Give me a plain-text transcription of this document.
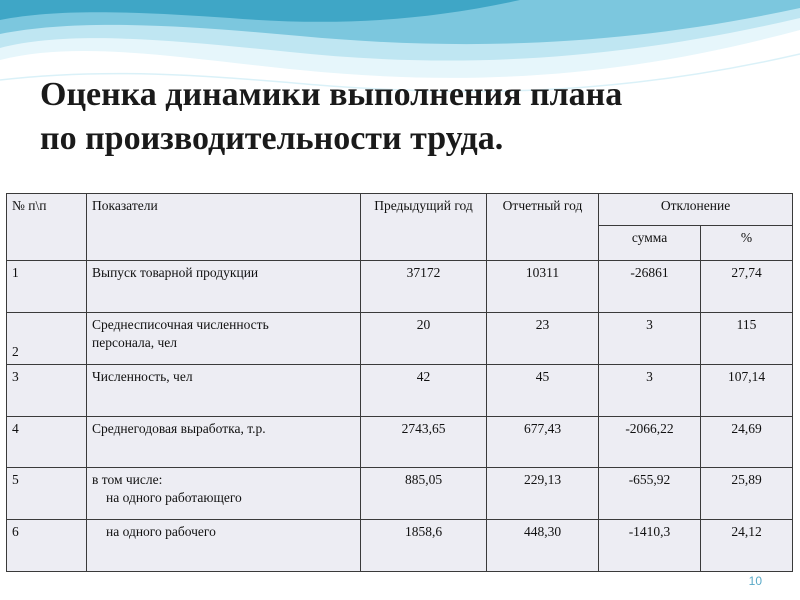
Оценка динамики выполнения плана
по производительности труда.
№ п\п	Показатели	Предыдущий год	Отчетный год	Отклонение	
				сумма	%
1	Выпуск товарной продукции	37172	10311	-26861	27,74
2	Среднесписочная численность
персонала, чел	20	23	3	115
3	Численность, чел	42	45	3	107,14
4	Среднегодовая выработка, т.р.	2743,65	677,43	-2066,22	24,69
5	в том числе:
на одного работающего	885,05	229,13	-655,92	25,89
6	на одного рабочего	1858,6	448,30	-1410,3	24,12
10
